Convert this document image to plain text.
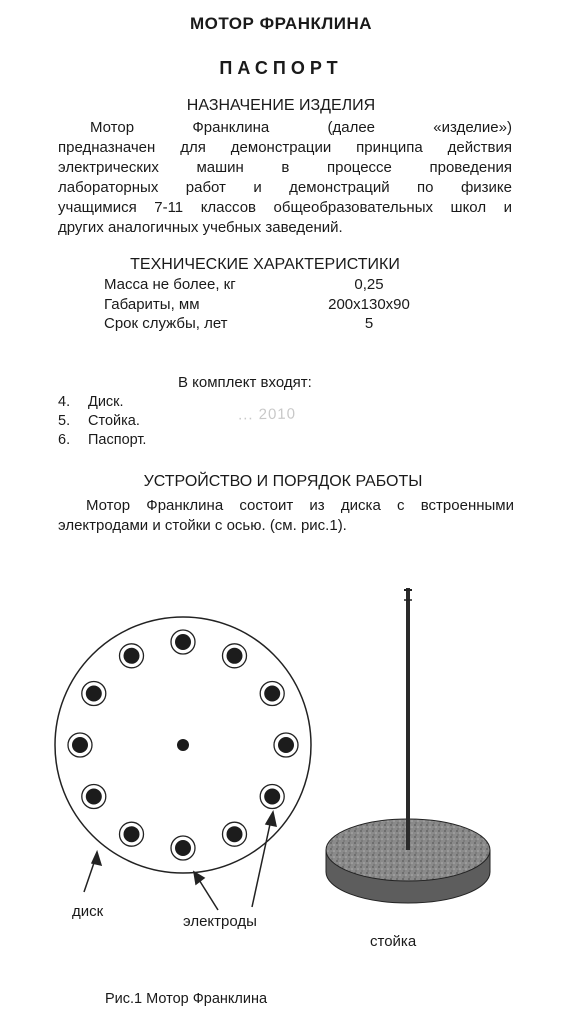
МОТОР ФРАНКЛИНА
ПАСПОРТ
НАЗНАЧЕНИЕ ИЗДЕЛИЯ
Мотор Франклина (далее «изделие»)
предназначен для демонстрации принципа действия
электрических машин в процессе проведения
лабораторных работ и демонстраций по физике
учащимися 7-11 классов общеобразовательных школ и
других аналогичных учебных заведений.
ТЕХНИЧЕСКИЕ ХАРАКТЕРИСТИКИ
Масса не более, кг	0,25
Габариты, мм	200x130x90
Срок службы, лет	5
В комплект входят:
4. Диск.
5. Стойка.
6. Паспорт.
... 2010
УСТРОЙСТВО И ПОРЯДОК РАБОТЫ
Мотор Франклина состоит из диска с встроенными
электродами и стойки с осью. (см. рис.1).
диск
электроды
стойка
Рис.1 Мотор Франклина
